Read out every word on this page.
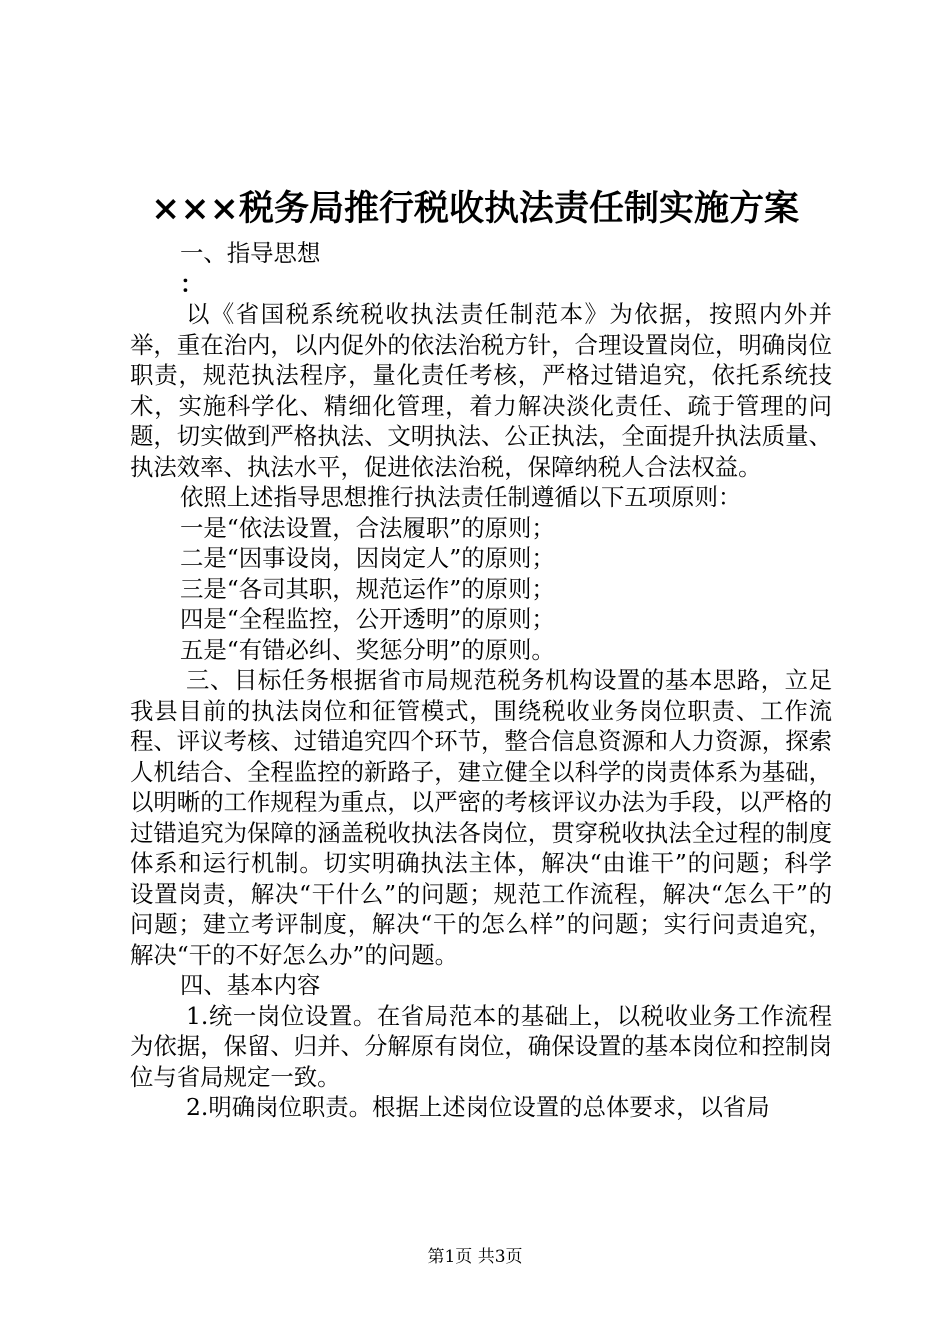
×××税务局推行税收执法责任制实施方案

一、指导思想

：

以《省国税系统税收执法责任制范本》为依据，按照内外并举，重在治内，以内促外的依法治税方针，合理设置岗位，明确岗位职责，规范执法程序，量化责任考核，严格过错追究，依托系统技术，实施科学化、精细化管理，着力解决淡化责任、疏于管理的问题，切实做到严格执法、文明执法、公正执法，全面提升执法质量、执法效率、执法水平，促进依法治税，保障纳税人合法权益。

依照上述指导思想推行执法责任制遵循以下五项原则：

一是“依法设置，合法履职”的原则；

二是“因事设岗，因岗定人”的原则；

三是“各司其职，规范运作”的原则；

四是“全程监控，公开透明”的原则；

五是“有错必纠、奖惩分明”的原则。

三、目标任务根据省市局规范税务机构设置的基本思路，立足我县目前的执法岗位和征管模式，围绕税收业务岗位职责、工作流程、评议考核、过错追究四个环节，整合信息资源和人力资源，探索人机结合、全程监控的新路子，建立健全以科学的岗责体系为基础，以明晰的工作规程为重点，以严密的考核评议办法为手段，以严格的过错追究为保障的涵盖税收执法各岗位，贯穿税收执法全过程的制度体系和运行机制。切实明确执法主体，解决“由谁干”的问题；科学设置岗责，解决“干什么”的问题；规范工作流程，解决“怎么干”的问题；建立考评制度，解决“干的怎么样”的问题；实行问责追究，解决“干的不好怎么办”的问题。

四、基本内容

1.统一岗位设置。在省局范本的基础上，以税收业务工作流程为依据，保留、归并、分解原有岗位，确保设置的基本岗位和控制岗位与省局规定一致。

2.明确岗位职责。根据上述岗位设置的总体要求，以省局

第1页 共3页
